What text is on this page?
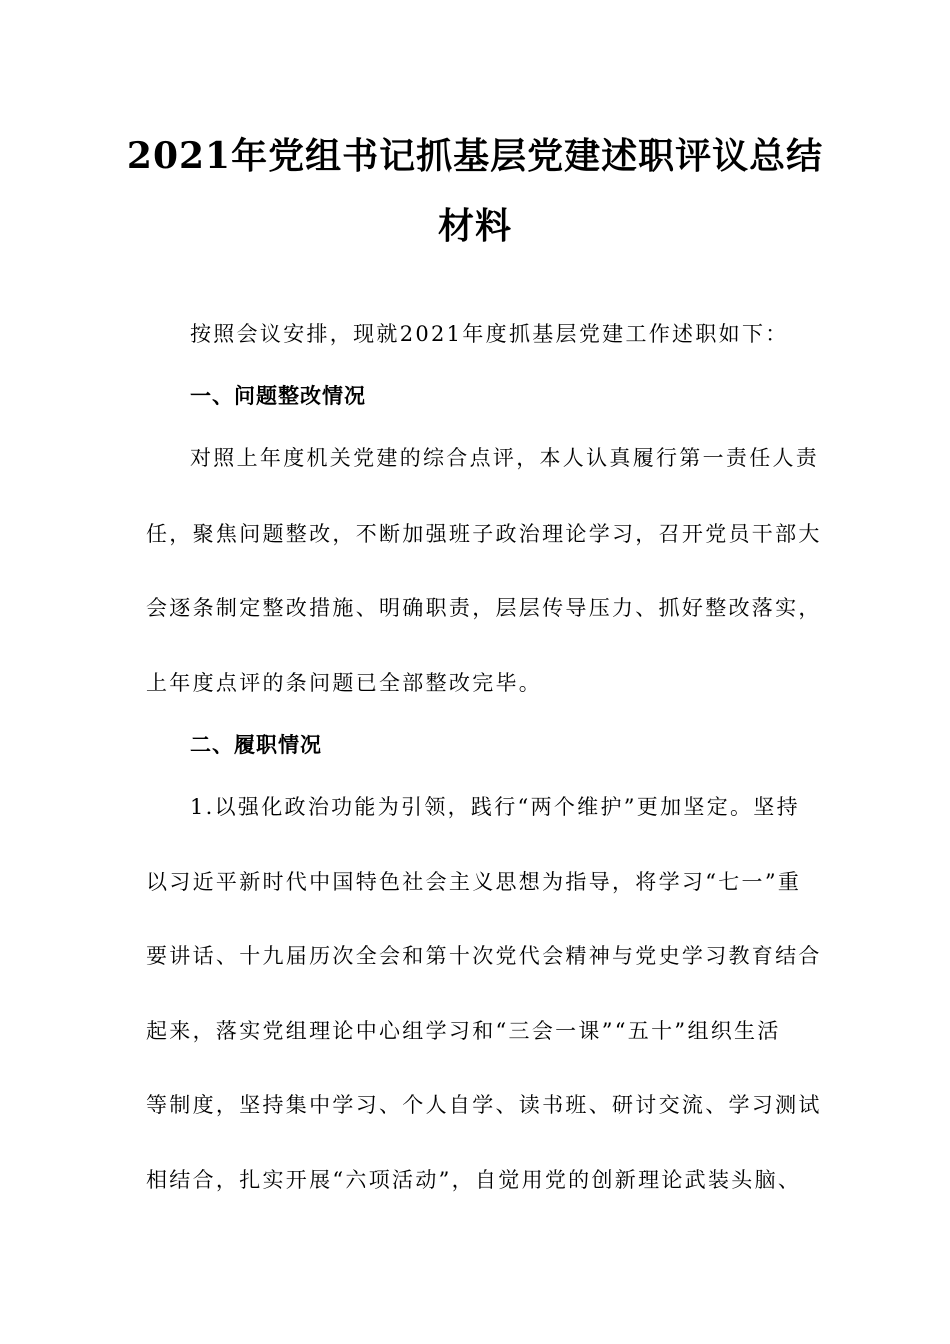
2021年党组书记抓基层党建述职评议总结
材料
按照会议安排，现就2021年度抓基层党建工作述职如下：
一、问题整改情况
对照上年度机关党建的综合点评，本人认真履行第一责任人责
任，聚焦问题整改，不断加强班子政治理论学习，召开党员干部大
会逐条制定整改措施、明确职责，层层传导压力、抓好整改落实，
上年度点评的条问题已全部整改完毕。
二、履职情况
1.以强化政治功能为引领，践行“两个维护”更加坚定。坚持
以习近平新时代中国特色社会主义思想为指导，将学习“七一”重
要讲话、十九届历次全会和第十次党代会精神与党史学习教育结合
起来，落实党组理论中心组学习和“三会一课”“五十”组织生活
等制度，坚持集中学习、个人自学、读书班、研讨交流、学习测试
相结合，扎实开展“六项活动”，自觉用党的创新理论武装头脑、
